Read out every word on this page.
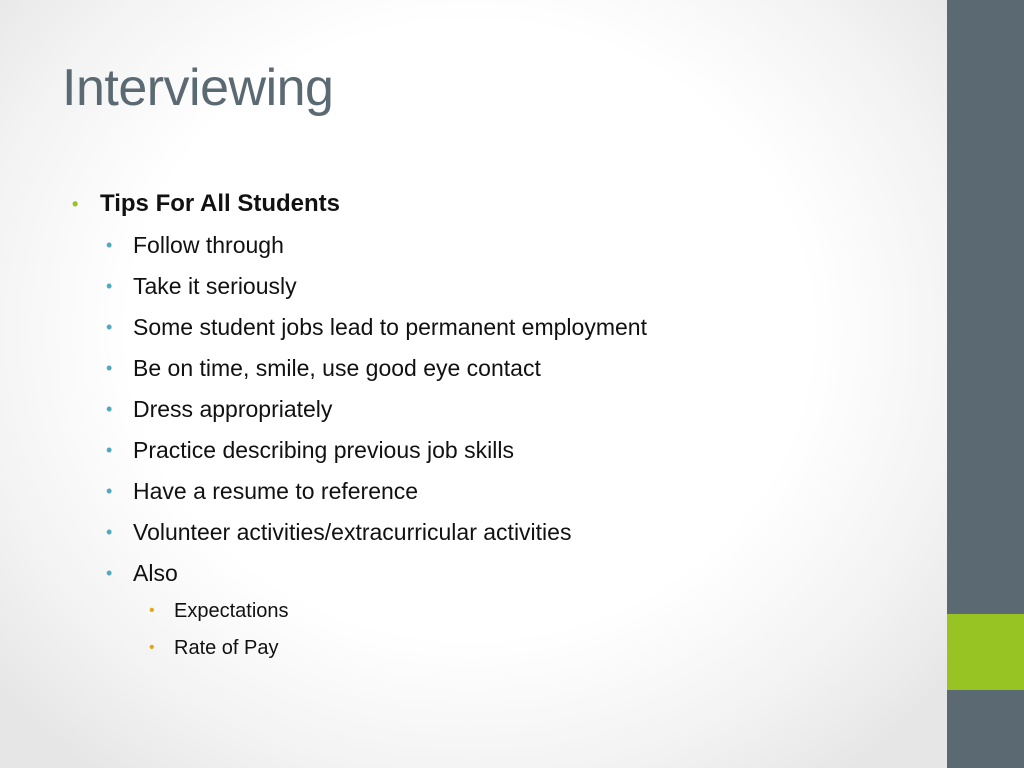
Interviewing
• Tips For All Students
• Follow through
• Take it seriously
• Some student jobs lead to permanent employment
• Be on time, smile, use good eye contact
• Dress appropriately
• Practice describing previous job skills
• Have a resume to reference
• Volunteer activities/extracurricular activities
• Also
• Expectations
• Rate of Pay
